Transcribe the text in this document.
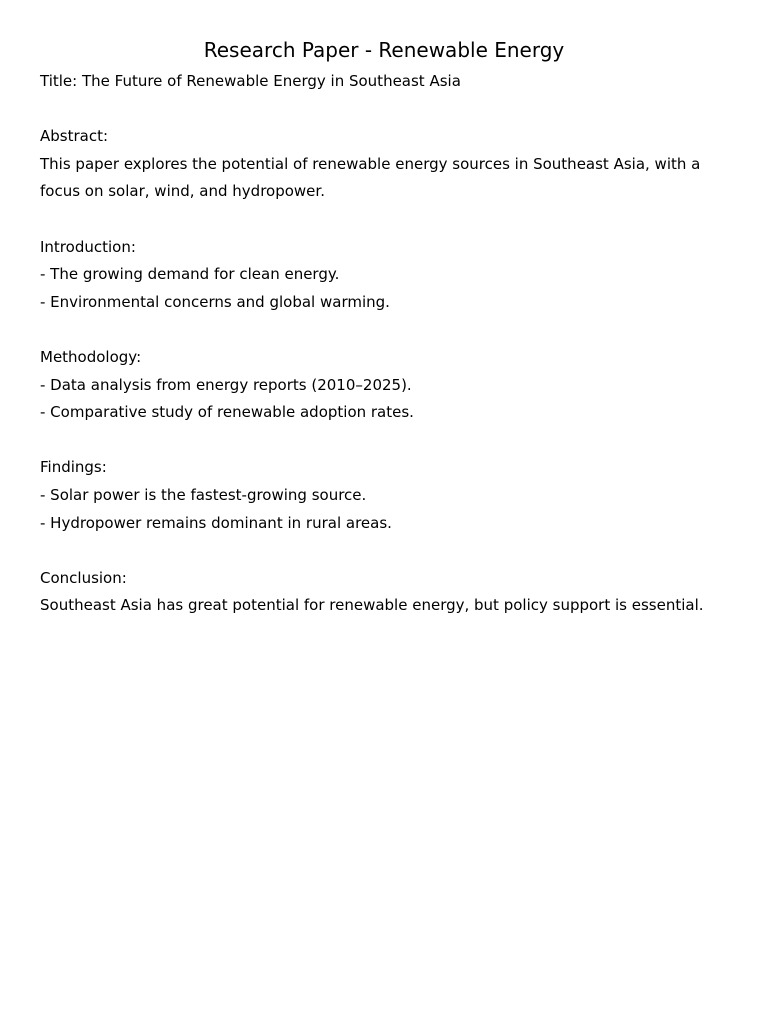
Research Paper - Renewable Energy

Title: The Future of Renewable Energy in Southeast Asia

Abstract:

This paper explores the potential of renewable energy sources in Southeast Asia, with a

focus on solar, wind, and hydropower.

Introduction:

- The growing demand for clean energy.

- Environmental concerns and global warming.

Methodology:

- Data analysis from energy reports (2010–2025).

- Comparative study of renewable adoption rates.

Findings:

- Solar power is the fastest-growing source.

- Hydropower remains dominant in rural areas.

Conclusion:

Southeast Asia has great potential for renewable energy, but policy support is essential.
